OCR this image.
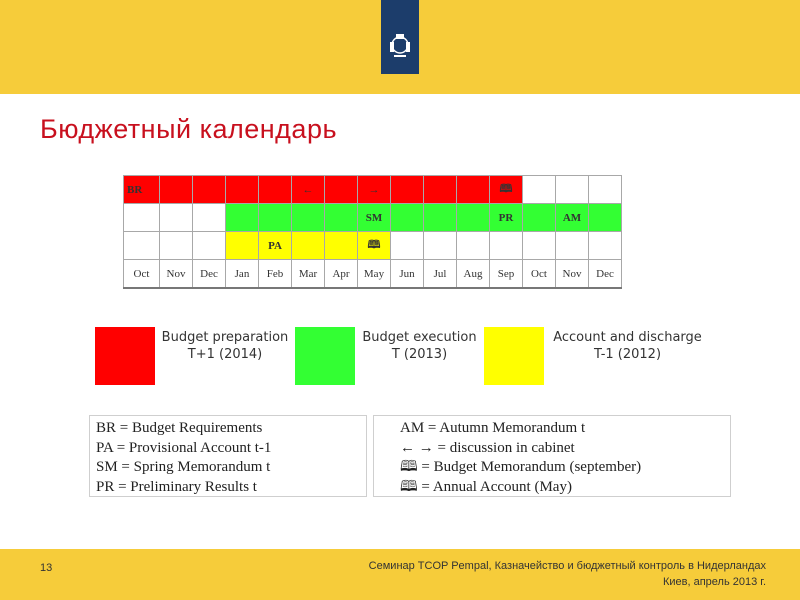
Бюджетный календарь
BR					←		→				🕮			
							SM				PR		AM	
				PA			🕮							
Oct	Nov	Dec	Jan	Feb	Mar	Apr	May	Jun	Jul	Aug	Sep	Oct	Nov	Dec
Budget preparation
T+1 (2014)
Budget execution
T (2013)
Account and discharge
T-1 (2012)
BR = Budget Requirements
PA = Provisional Account t-1
SM = Spring Memorandum t
PR = Preliminary Results t
AM = Autumn Memorandum t
← → = discussion in cabinet
🕮 = Budget Memorandum (september)
🕮 = Annual Account (May)
13	Семинар TCOP Pempal, Казначейство и бюджетный контроль в Нидерландах
Киев, апрель 2013 г.
